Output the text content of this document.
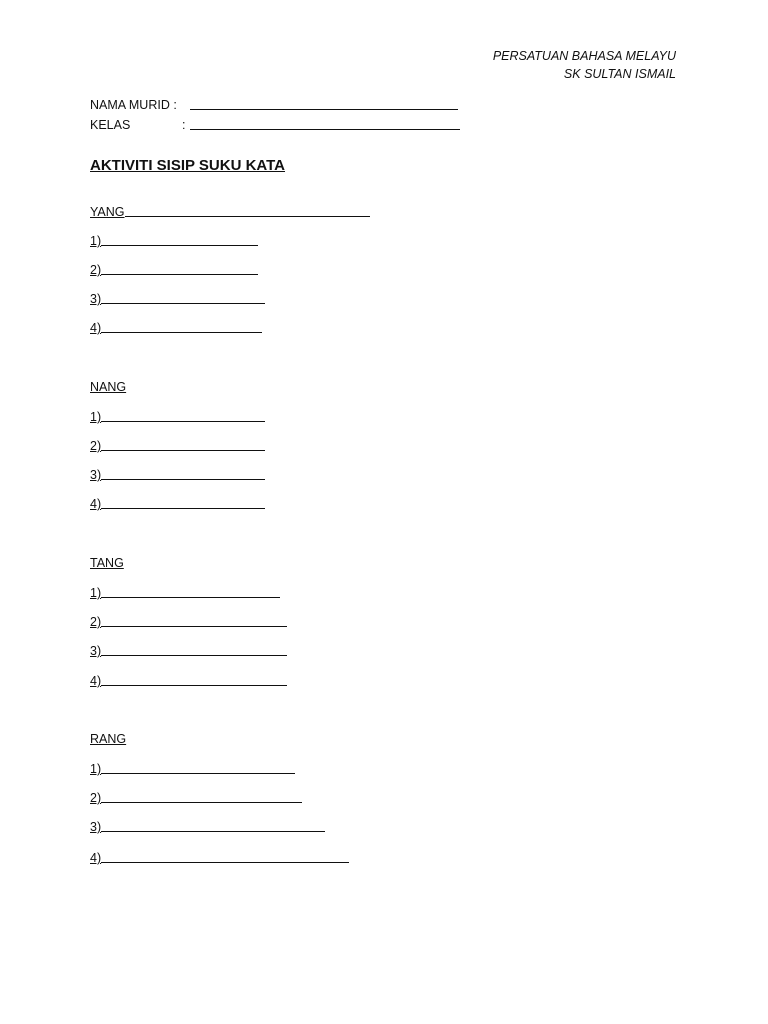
PERSATUAN BAHASA MELAYU
SK SULTAN ISMAIL
NAMA MURID :
KELAS	:
AKTIVITI SISIP SUKU KATA
YANG
1)
2)
3)
4)
NANG
1)
2)
3)
4)
TANG
1)
2)
3)
4)
RANG
1)
2)
3)
4)
